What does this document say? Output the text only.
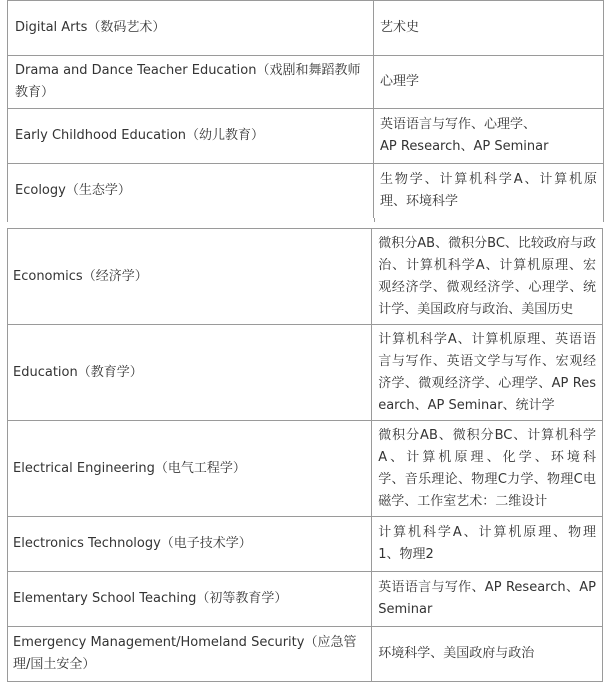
Digital Arts（数码艺术）	艺术史
Drama and Dance Teacher Education（戏剧和舞蹈教师教育）	心理学
Early Childhood Education（幼儿教育）	英语语言与写作、心理学、
AP Research、AP Seminar
Ecology（生态学）	生物学、计算机科学A、计算机原
理、环境科学
Economics（经济学）	微积分AB、微积分BC、比较政府与政
治、计算机科学A、计算机原理、宏
观经济学、微观经济学、心理学、统
计学、美国政府与政治、美国历史
Education（教育学）	计算机科学A、计算机原理、英语语
言与写作、英语文学与写作、宏观经
济学、微观经济学、心理学、AP Res
earch、AP Seminar、统计学
Electrical Engineering（电气工程学）	微积分AB、微积分BC、计算机科学
A、计算机原理、化学、环境科
学、音乐理论、物理C力学、物理C电
磁学、工作室艺术：二维设计
Electronics Technology（电子技术学）	计算机科学A、计算机原理、物理
1、物理2
Elementary School Teaching（初等教育学）	英语语言与写作、AP Research、AP
Seminar
Emergency Management/Homeland Security（应急管理/国土安全）	环境科学、美国政府与政治
